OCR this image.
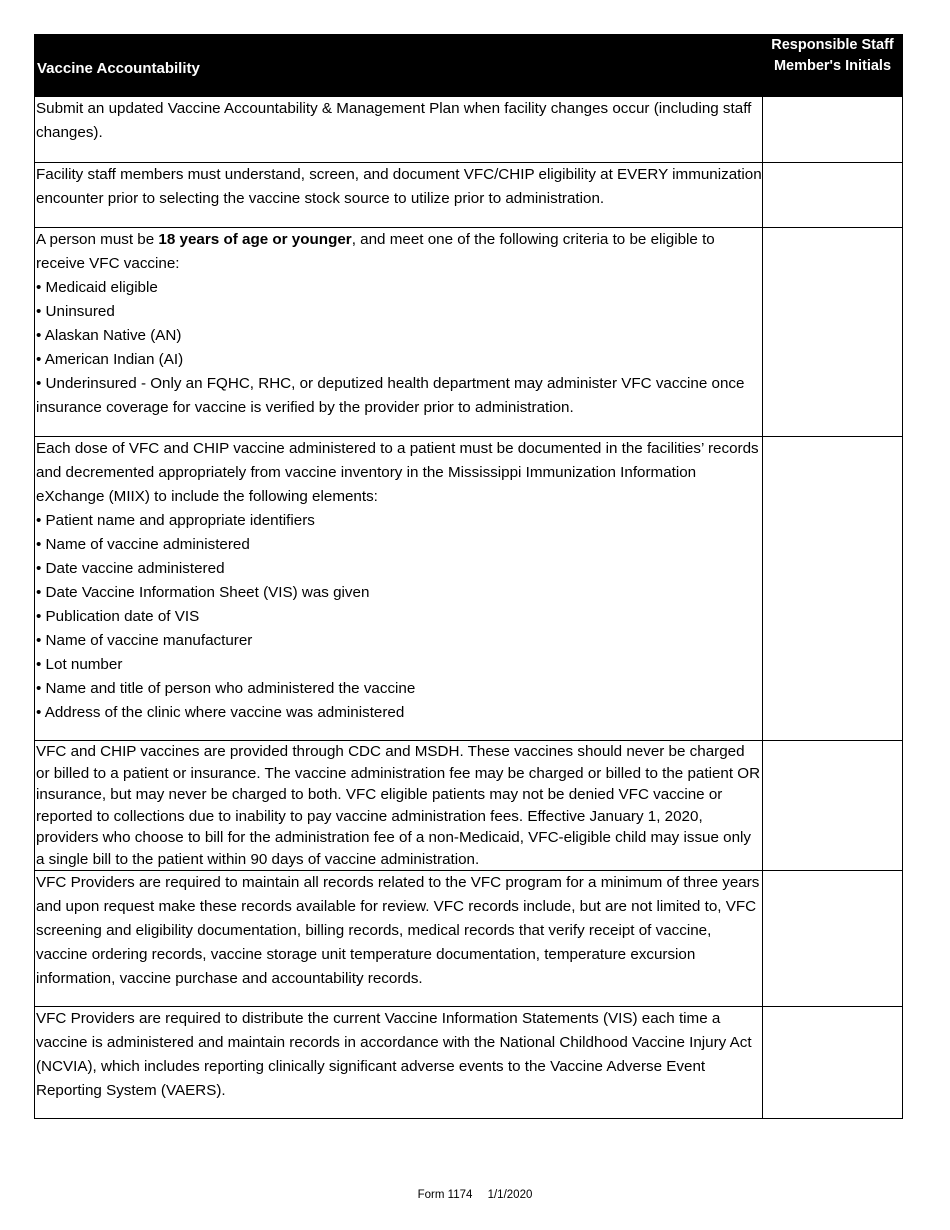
Vaccine Accountability
Responsible Staff Member's Initials
Submit an updated Vaccine Accountability & Management Plan when facility changes occur (including staff changes).
Facility staff members must understand, screen, and document VFC/CHIP eligibility at EVERY immunization encounter prior to selecting the vaccine stock source to utilize prior to administration.
A person must be 18 years of age or younger, and meet one of the following criteria to be eligible to receive VFC vaccine:
• Medicaid eligible
• Uninsured
• Alaskan Native (AN)
• American Indian (AI)
• Underinsured - Only an FQHC, RHC, or deputized health department may administer VFC vaccine once insurance coverage for vaccine is verified by the provider prior to administration.
Each dose of VFC and CHIP vaccine administered to a patient must be documented in the facilities’ records and decremented appropriately from vaccine inventory in the Mississippi Immunization Information eXchange (MIIX) to include the following elements:
• Patient name and appropriate identifiers
• Name of vaccine administered
• Date vaccine administered
• Date Vaccine Information Sheet (VIS) was given
• Publication date of VIS
• Name of vaccine manufacturer
• Lot number
• Name and title of person who administered the vaccine
• Address of the clinic where vaccine was administered
VFC and CHIP vaccines are provided through CDC and MSDH. These vaccines should never be charged or billed to a patient or insurance. The vaccine administration fee may be charged or billed to the patient OR insurance, but may never be charged to both. VFC eligible patients may not be denied VFC vaccine or reported to collections due to inability to pay vaccine administration fees. Effective January 1, 2020, providers who choose to bill for the administration fee of a non-Medicaid, VFC-eligible child may issue only a single bill to the patient within 90 days of vaccine administration.
VFC Providers are required to maintain all records related to the VFC program for a minimum of three years and upon request make these records available for review. VFC records include, but are not limited to, VFC screening and eligibility documentation, billing records, medical records that verify receipt of vaccine, vaccine ordering records, vaccine storage unit temperature documentation, temperature excursion information, vaccine purchase and accountability records.
VFC Providers are required to distribute the current Vaccine Information Statements (VIS) each time a vaccine is administered and maintain records in accordance with the National Childhood Vaccine Injury Act (NCVIA), which includes reporting clinically significant adverse events to the Vaccine Adverse Event Reporting System (VAERS).
Form 1174 1/1/2020
